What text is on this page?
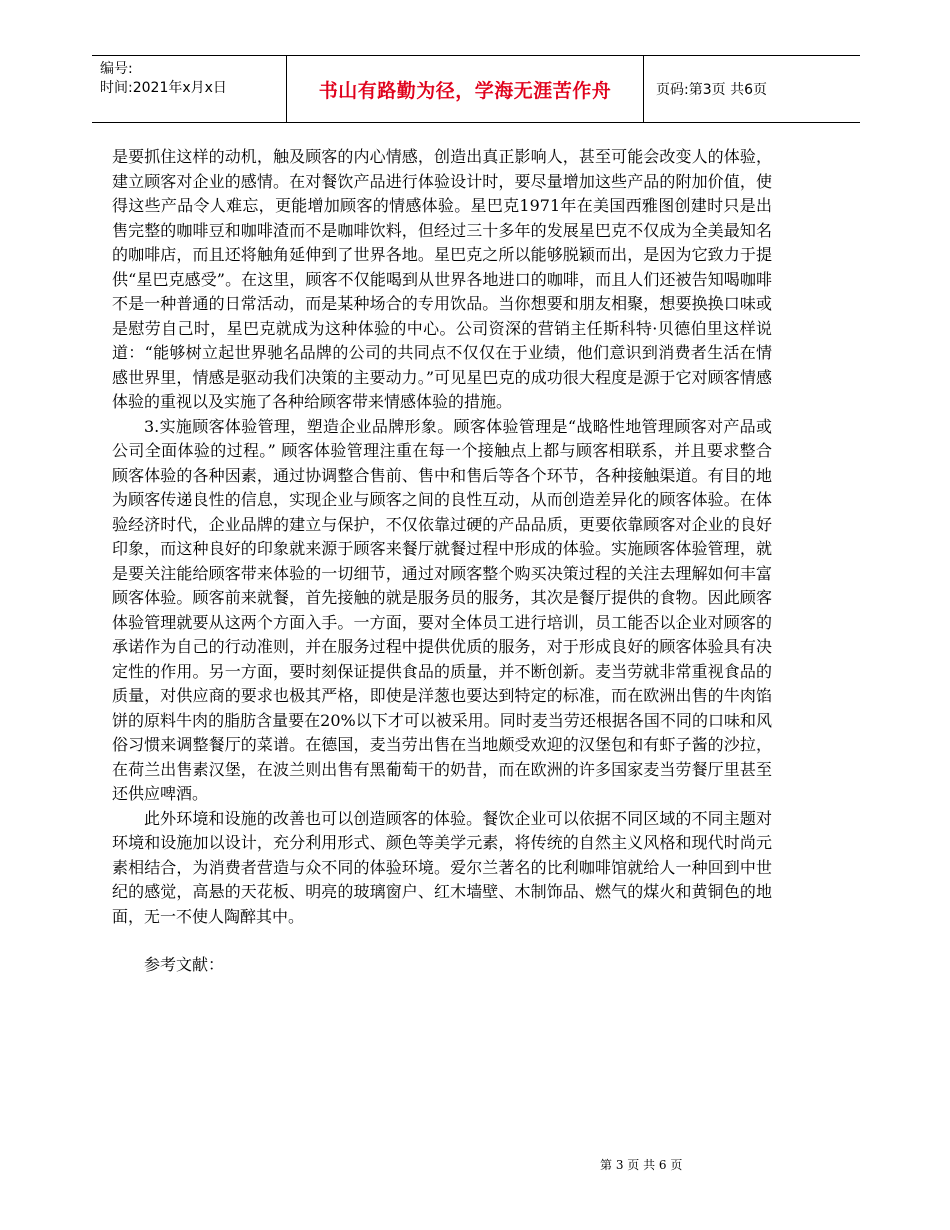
编号:
时间:2021年x月x日	书山有路勤为径，学海无涯苦作舟	页码:第3页 共6页

是要抓住这样的动机，触及顾客的内心情感，创造出真正影响人，甚至可能会改变人的体验，建立顾客对企业的感情。在对餐饮产品进行体验设计时，要尽量增加这些产品的附加价值，使得这些产品令人难忘，更能增加顾客的情感体验。星巴克1971年在美国西雅图创建时只是出售完整的咖啡豆和咖啡渣而不是咖啡饮料，但经过三十多年的发展星巴克不仅成为全美最知名的咖啡店，而且还将触角延伸到了世界各地。星巴克之所以能够脱颖而出，是因为它致力于提供“星巴克感受”。在这里，顾客不仅能喝到从世界各地进口的咖啡，而且人们还被告知喝咖啡不是一种普通的日常活动，而是某种场合的专用饮品。当你想要和朋友相聚，想要换换口味或是慰劳自己时，星巴克就成为这种体验的中心。公司资深的营销主任斯科特·贝德伯里这样说道：“能够树立起世界驰名品牌的公司的共同点不仅仅在于业绩，他们意识到消费者生活在情感世界里，情感是驱动我们决策的主要动力。”可见星巴克的成功很大程度是源于它对顾客情感体验的重视以及实施了各种给顾客带来情感体验的措施。

3.实施顾客体验管理，塑造企业品牌形象。顾客体验管理是“战略性地管理顾客对产品或公司全面体验的过程。” 顾客体验管理注重在每一个接触点上都与顾客相联系，并且要求整合顾客体验的各种因素，通过协调整合售前、售中和售后等各个环节，各种接触渠道。有目的地为顾客传递良性的信息，实现企业与顾客之间的良性互动，从而创造差异化的顾客体验。在体验经济时代，企业品牌的建立与保护，不仅依靠过硬的产品品质，更要依靠顾客对企业的良好印象，而这种良好的印象就来源于顾客来餐厅就餐过程中形成的体验。实施顾客体验管理，就是要关注能给顾客带来体验的一切细节，通过对顾客整个购买决策过程的关注去理解如何丰富顾客体验。顾客前来就餐，首先接触的就是服务员的服务，其次是餐厅提供的食物。因此顾客体验管理就要从这两个方面入手。一方面，要对全体员工进行培训，员工能否以企业对顾客的承诺作为自己的行动准则，并在服务过程中提供优质的服务，对于形成良好的顾客体验具有决定性的作用。另一方面，要时刻保证提供食品的质量，并不断创新。麦当劳就非常重视食品的质量，对供应商的要求也极其严格，即使是洋葱也要达到特定的标准，而在欧洲出售的牛肉馅饼的原料牛肉的脂肪含量要在20%以下才可以被采用。同时麦当劳还根据各国不同的口味和风俗习惯来调整餐厅的菜谱。在德国，麦当劳出售在当地颇受欢迎的汉堡包和有虾子酱的沙拉，在荷兰出售素汉堡，在波兰则出售有黑葡萄干的奶昔，而在欧洲的许多国家麦当劳餐厅里甚至还供应啤酒。

此外环境和设施的改善也可以创造顾客的体验。餐饮企业可以依据不同区域的不同主题对环境和设施加以设计，充分利用形式、颜色等美学元素，将传统的自然主义风格和现代时尚元素相结合，为消费者营造与众不同的体验环境。爱尔兰著名的比利咖啡馆就给人一种回到中世纪的感觉，高悬的天花板、明亮的玻璃窗户、红木墙壁、木制饰品、燃气的煤火和黄铜色的地面，无一不使人陶醉其中。

参考文献：

第 3 页 共 6 页
